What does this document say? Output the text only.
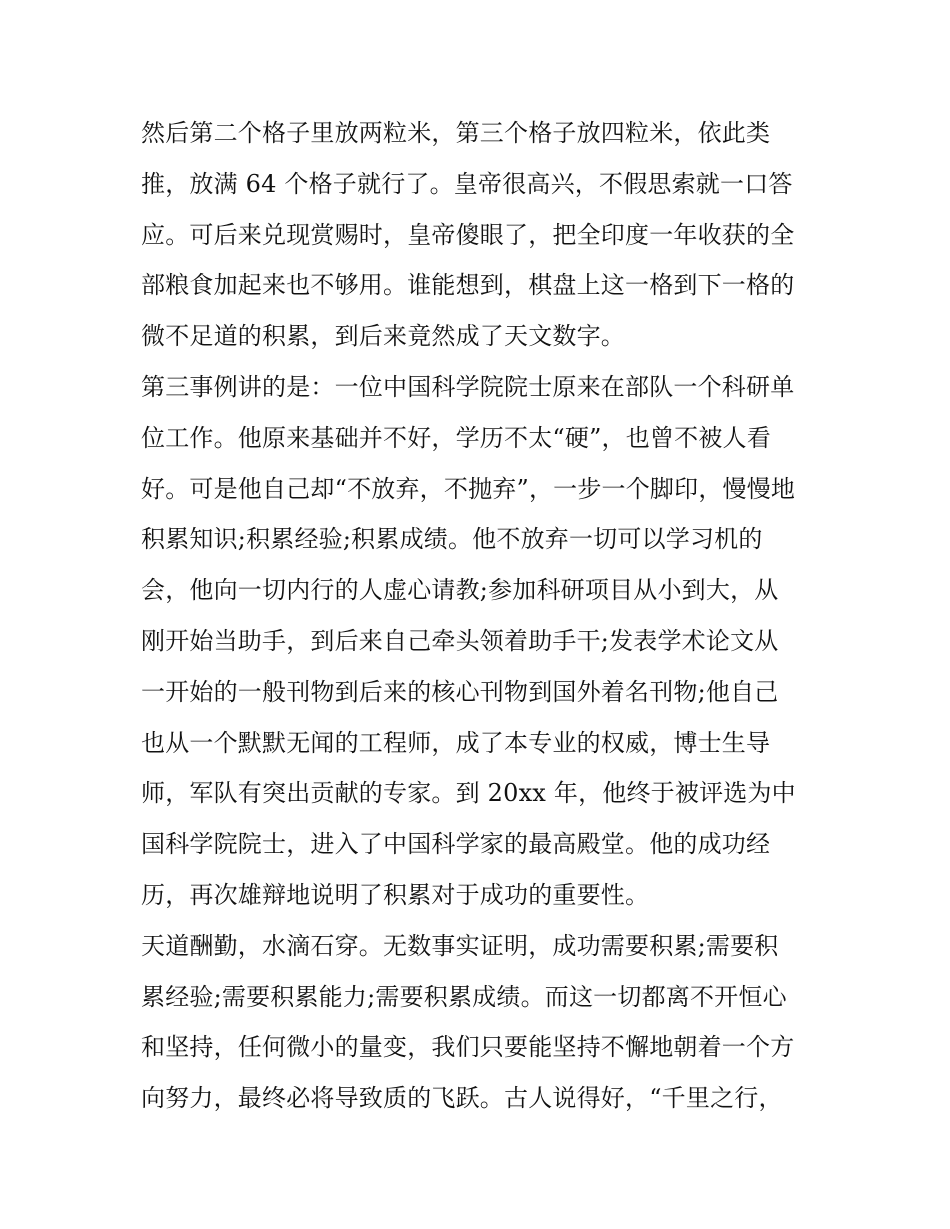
然后第二个格子里放两粒米，第三个格子放四粒米，依此类
推，放满 64 个格子就行了。皇帝很高兴，不假思索就一口答
应。可后来兑现赏赐时，皇帝傻眼了，把全印度一年收获的全
部粮食加起来也不够用。谁能想到，棋盘上这一格到下一格的
微不足道的积累，到后来竟然成了天文数字。
第三事例讲的是：一位中国科学院院士原来在部队一个科研单
位工作。他原来基础并不好，学历不太“硬”，也曾不被人看
好。可是他自己却“不放弃，不抛弃”，一步一个脚印，慢慢地
积累知识;积累经验;积累成绩。他不放弃一切可以学习机的
会，他向一切内行的人虚心请教;参加科研项目从小到大，从
刚开始当助手，到后来自己牵头领着助手干;发表学术论文从
一开始的一般刊物到后来的核心刊物到国外着名刊物;他自己
也从一个默默无闻的工程师，成了本专业的权威，博士生导
师，军队有突出贡献的专家。到 20xx 年，他终于被评选为中
国科学院院士，进入了中国科学家的最高殿堂。他的成功经
历，再次雄辩地说明了积累对于成功的重要性。
天道酬勤，水滴石穿。无数事实证明，成功需要积累;需要积
累经验;需要积累能力;需要积累成绩。而这一切都离不开恒心
和坚持，任何微小的量变，我们只要能坚持不懈地朝着一个方
向努力，最终必将导致质的飞跃。古人说得好，“千里之行，
